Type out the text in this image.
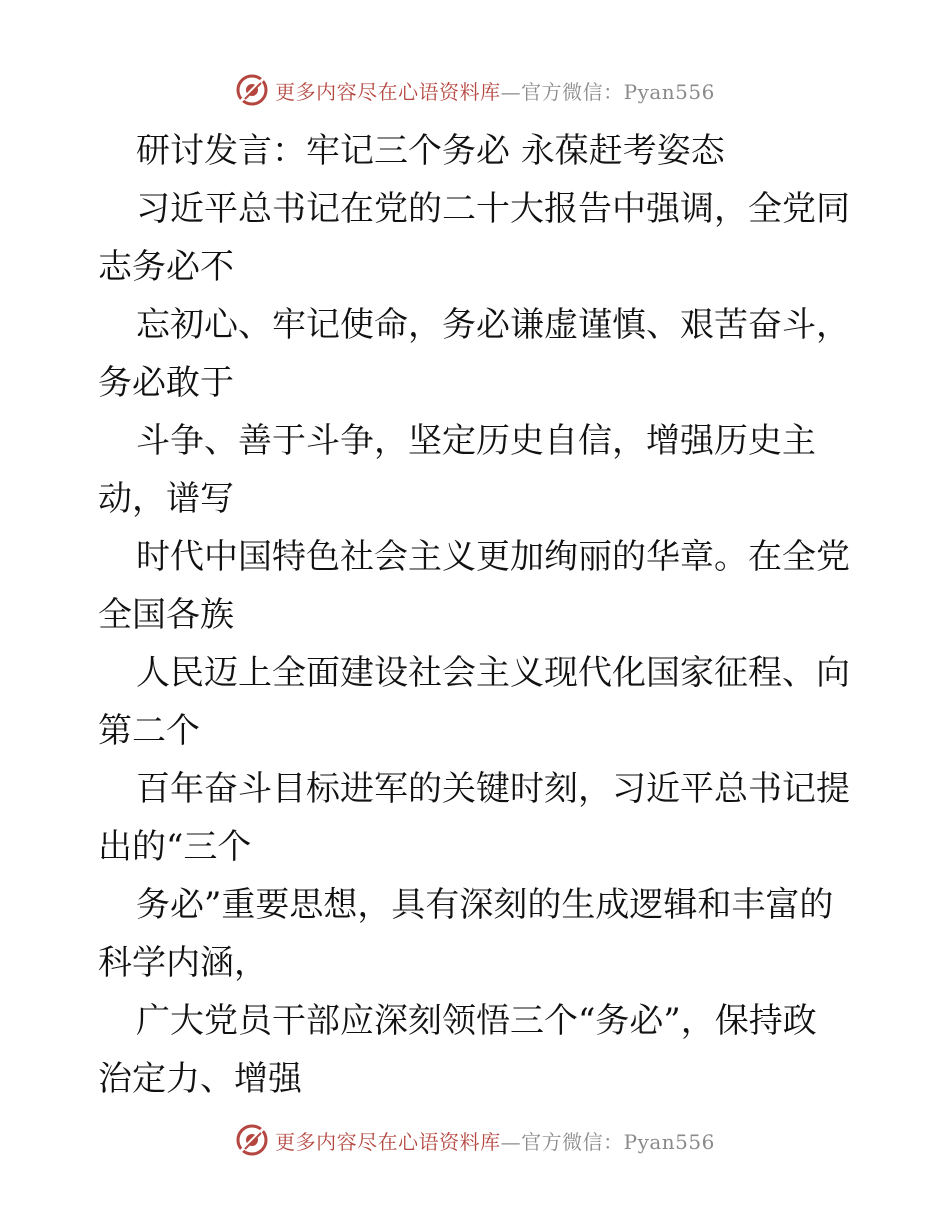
更多内容尽在心语资料库—官方微信：Pyan556
研讨发言：牢记三个务必 永葆赶考姿态
习近平总书记在党的二十大报告中强调，全党同
志务必不
忘初心、牢记使命，务必谦虚谨慎、艰苦奋斗，
务必敢于
斗争、善于斗争，坚定历史自信，增强历史主
动，谱写
时代中国特色社会主义更加绚丽的华章。在全党
全国各族
人民迈上全面建设社会主义现代化国家征程、向
第二个
百年奋斗目标进军的关键时刻，习近平总书记提
出的“三个
务必”重要思想，具有深刻的生成逻辑和丰富的
科学内涵，
广大党员干部应深刻领悟三个“务必”，保持政
治定力、增强
更多内容尽在心语资料库—官方微信：Pyan556
